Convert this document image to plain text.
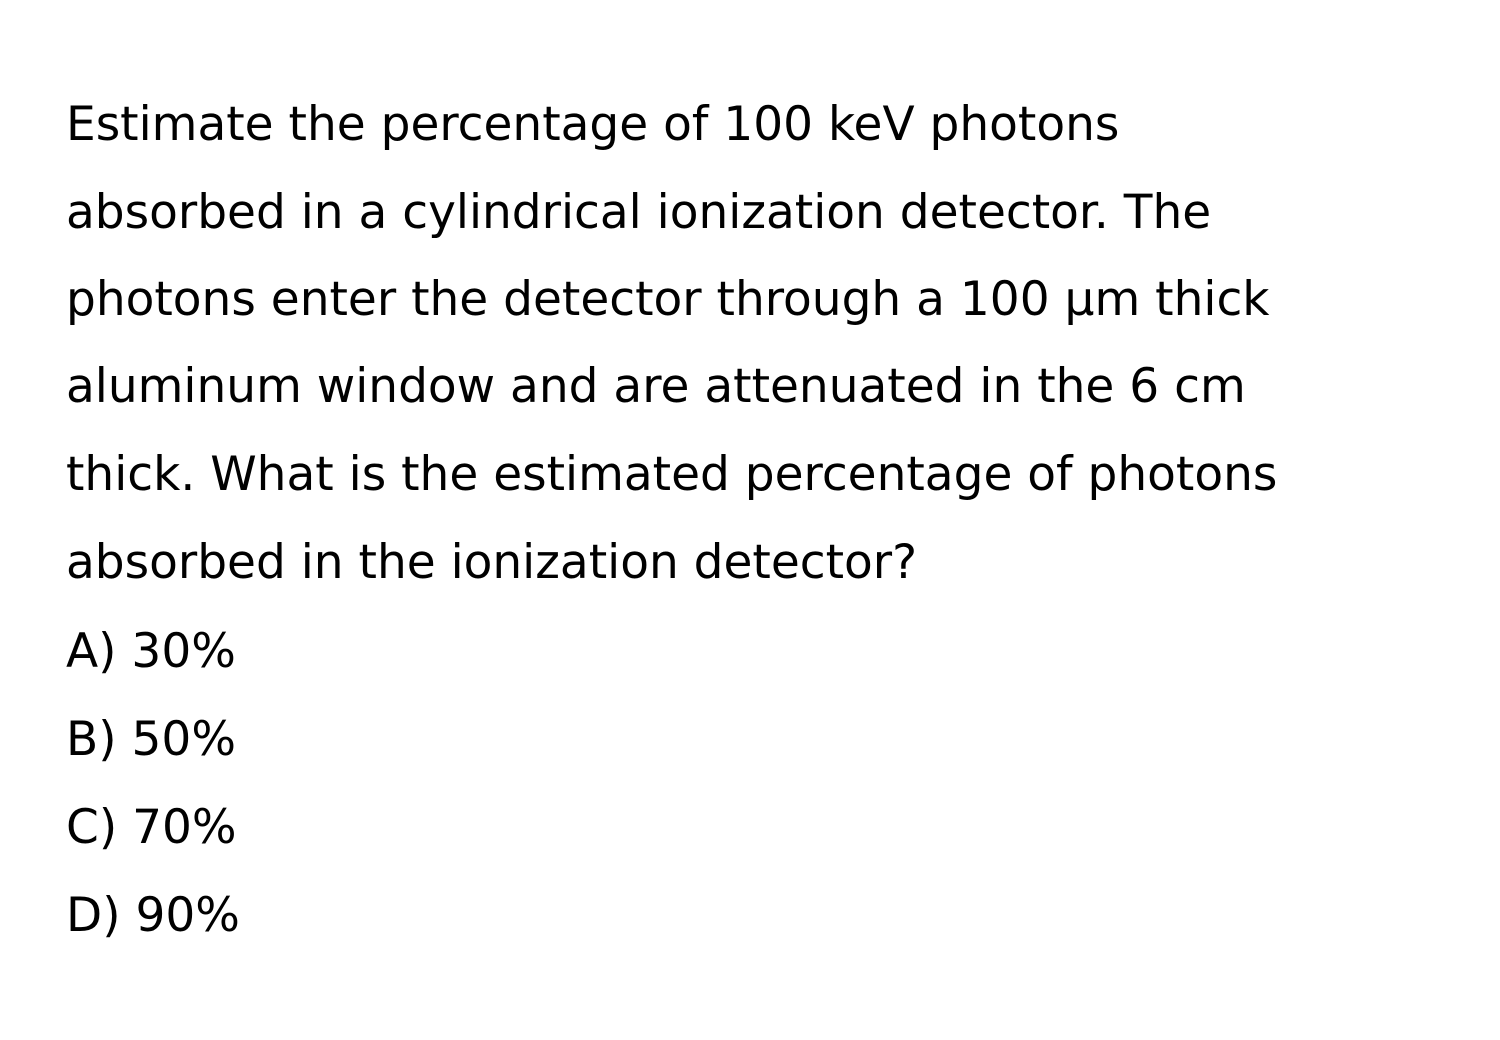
Estimate the percentage of 100 keV photons
absorbed in a cylindrical ionization detector. The
photons enter the detector through a 100 μm thick
aluminum window and are attenuated in the 6 cm
thick. What is the estimated percentage of photons
absorbed in the ionization detector?
A) 30%
B) 50%
C) 70%
D) 90%
